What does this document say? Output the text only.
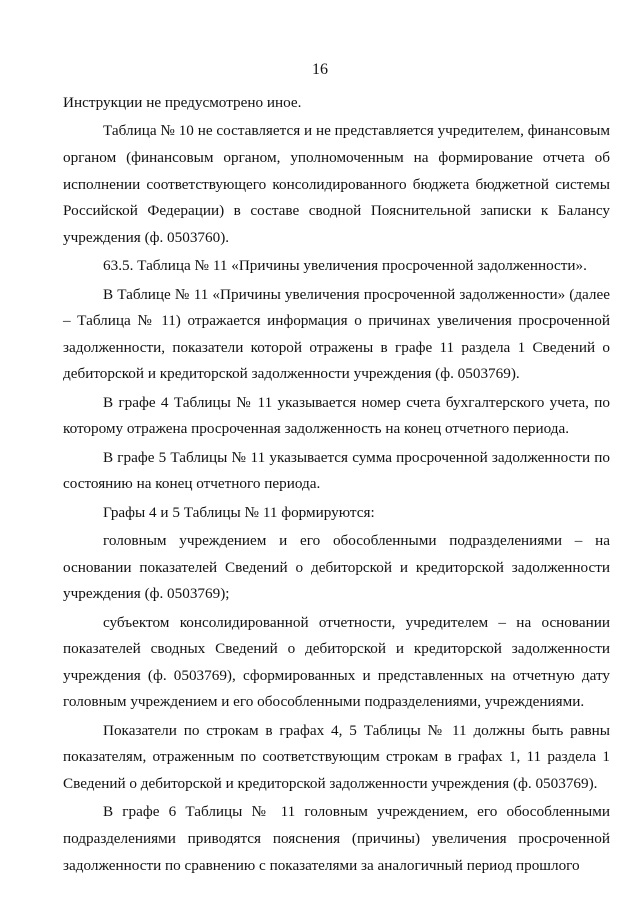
16

Инструкции не предусмотрено иное.

Таблица № 10 не составляется и не представляется учредителем, финансовым органом (финансовым органом, уполномоченным на формирование отчета об исполнении соответствующего консолидированного бюджета бюджетной системы Российской Федерации) в составе сводной Пояснительной записки к Балансу учреждения (ф. 0503760).

63.5. Таблица № 11 «Причины увеличения просроченной задолженности».

В Таблице № 11 «Причины увеличения просроченной задолженности» (далее – Таблица № 11) отражается информация о причинах увеличения просроченной задолженности, показатели которой отражены в графе 11 раздела 1 Сведений о дебиторской и кредиторской задолженности учреждения (ф. 0503769).

В графе 4 Таблицы № 11 указывается номер счета бухгалтерского учета, по которому отражена просроченная задолженность на конец отчетного периода.

В графе 5 Таблицы № 11 указывается сумма просроченной задолженности по состоянию на конец отчетного периода.

Графы 4 и 5 Таблицы № 11 формируются:

головным учреждением и его обособленными подразделениями – на основании показателей Сведений о дебиторской и кредиторской задолженности учреждения (ф. 0503769);

субъектом консолидированной отчетности, учредителем – на основании показателей сводных Сведений о дебиторской и кредиторской задолженности учреждения (ф. 0503769), сформированных и представленных на отчетную дату головным учреждением и его обособленными подразделениями, учреждениями.

Показатели по строкам в графах 4, 5 Таблицы № 11 должны быть равны показателям, отраженным по соответствующим строкам в графах 1, 11 раздела 1 Сведений о дебиторской и кредиторской задолженности учреждения (ф. 0503769).

В графе 6 Таблицы № 11 головным учреждением, его обособленными подразделениями приводятся пояснения (причины) увеличения просроченной задолженности по сравнению с показателями за аналогичный период прошлого
